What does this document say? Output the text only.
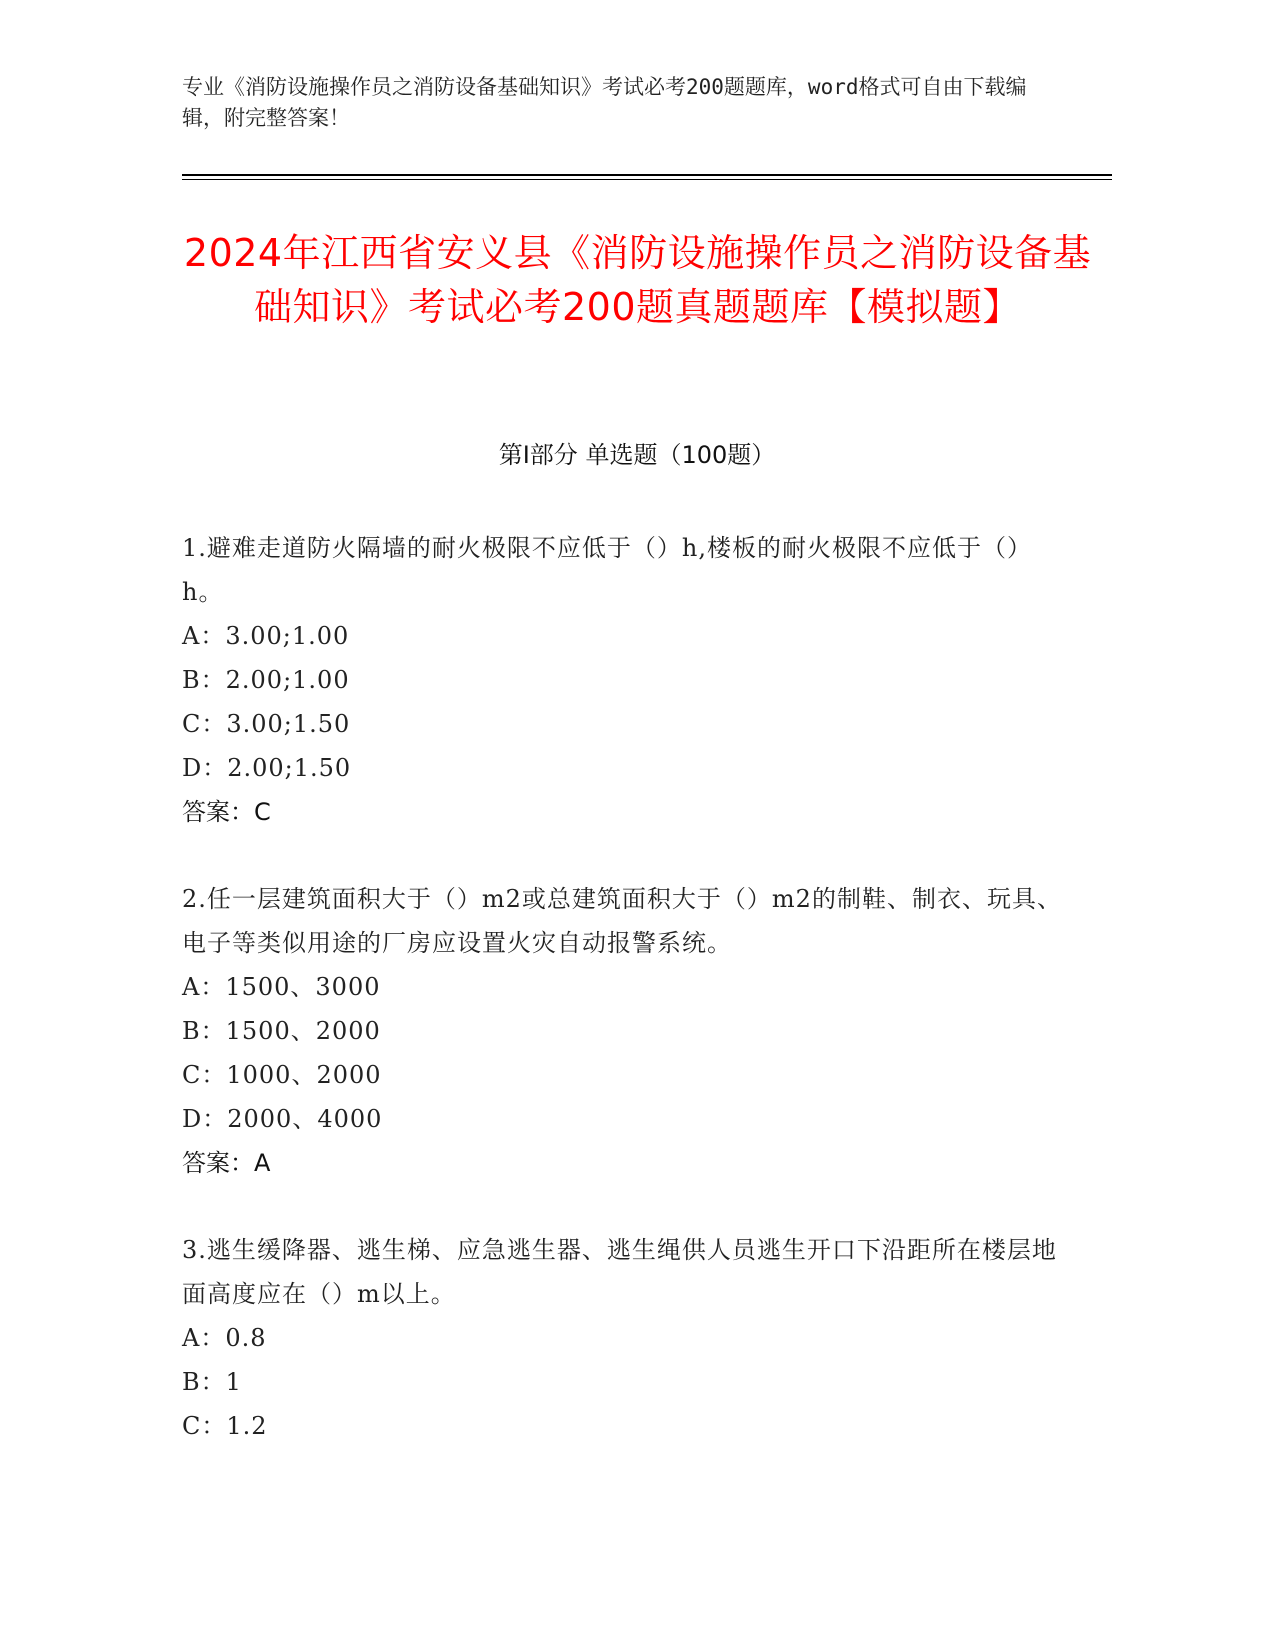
专业《消防设施操作员之消防设备基础知识》考试必考200题题库，word格式可自由下载编辑，附完整答案！
2024年江西省安义县《消防设施操作员之消防设备基础知识》考试必考200题真题题库【模拟题】
第I部分 单选题（100题）
1.避难走道防火隔墙的耐火极限不应低于（）h,楼板的耐火极限不应低于（）h。
A：3.00;1.00
B：2.00;1.00
C：3.00;1.50
D：2.00;1.50
答案：C
2.任一层建筑面积大于（）m2或总建筑面积大于（）m2的制鞋、制衣、玩具、电子等类似用途的厂房应设置火灾自动报警系统。
A：1500、3000
B：1500、2000
C：1000、2000
D：2000、4000
答案：A
3.逃生缓降器、逃生梯、应急逃生器、逃生绳供人员逃生开口下沿距所在楼层地面高度应在（）m以上。
A：0.8
B：1
C：1.2
